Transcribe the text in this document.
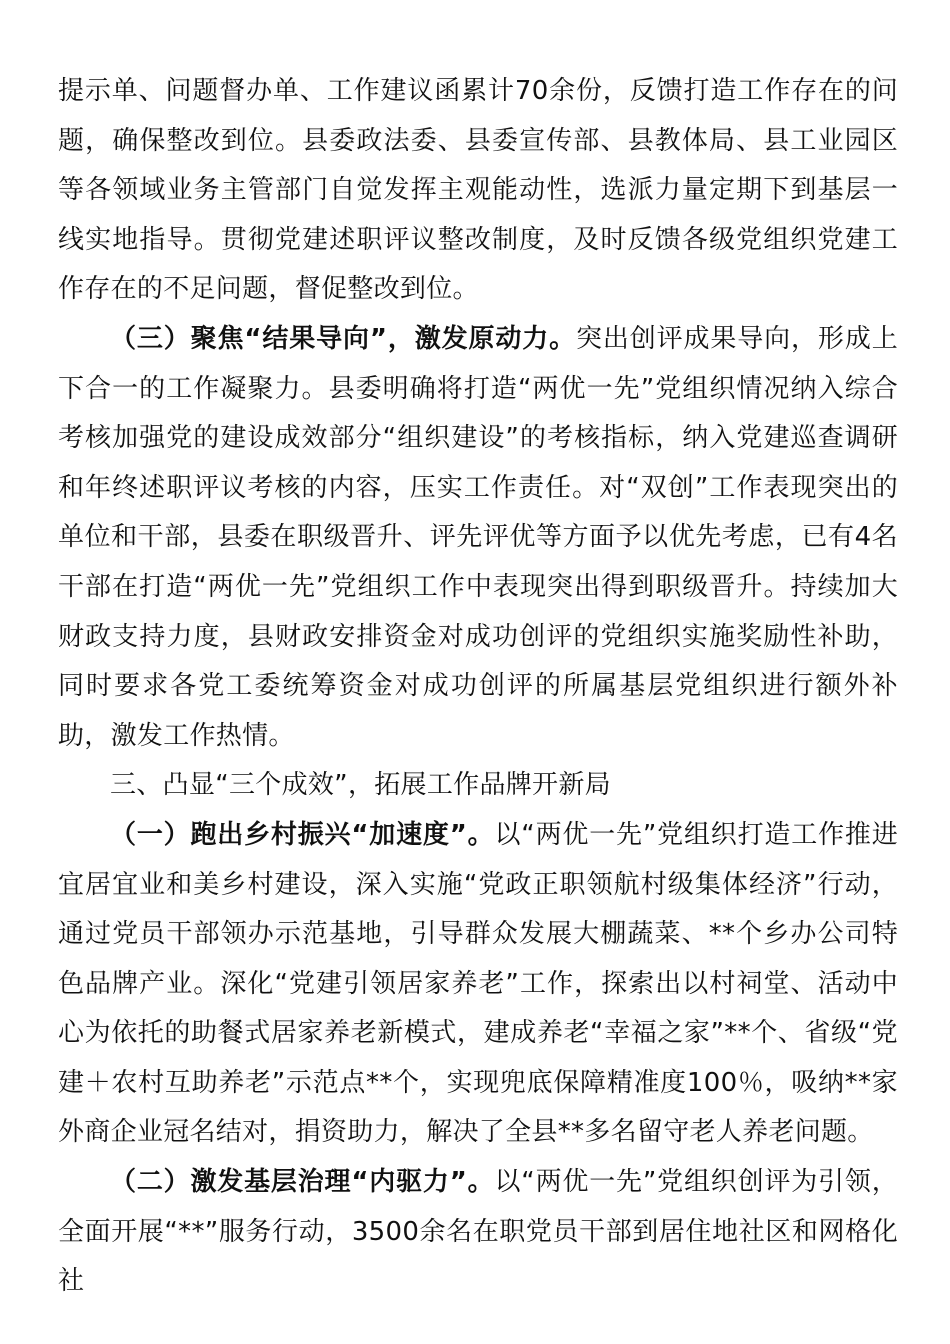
提示单、问题督办单、工作建议函累计70余份，反馈打造工作存在的问题，确保整改到位。县委政法委、县委宣传部、县教体局、县工业园区等各领域业务主管部门自觉发挥主观能动性，选派力量定期下到基层一线实地指导。贯彻党建述职评议整改制度，及时反馈各级党组织党建工作存在的不足问题，督促整改到位。

（三）聚焦“结果导向”，激发原动力。突出创评成果导向，形成上下合一的工作凝聚力。县委明确将打造“两优一先”党组织情况纳入综合考核加强党的建设成效部分“组织建设”的考核指标，纳入党建巡查调研和年终述职评议考核的内容，压实工作责任。对“双创”工作表现突出的单位和干部，县委在职级晋升、评先评优等方面予以优先考虑，已有4名干部在打造“两优一先”党组织工作中表现突出得到职级晋升。持续加大财政支持力度，县财政安排资金对成功创评的党组织实施奖励性补助，同时要求各党工委统筹资金对成功创评的所属基层党组织进行额外补助，激发工作热情。

三、凸显“三个成效”，拓展工作品牌开新局

（一）跑出乡村振兴“加速度”。以“两优一先”党组织打造工作推进宜居宜业和美乡村建设，深入实施“党政正职领航村级集体经济”行动，通过党员干部领办示范基地，引导群众发展大棚蔬菜、**个乡办公司特色品牌产业。深化“党建引领居家养老”工作，探索出以村祠堂、活动中心为依托的助餐式居家养老新模式，建成养老“幸福之家”**个、省级“党建＋农村互助养老”示范点**个，实现兜底保障精准度100％，吸纳**家外商企业冠名结对，捐资助力，解决了全县**多名留守老人养老问题。

（二）激发基层治理“内驱力”。以“两优一先”党组织创评为引领，全面开展“**”服务行动，3500余名在职党员干部到居住地社区和网格化社
